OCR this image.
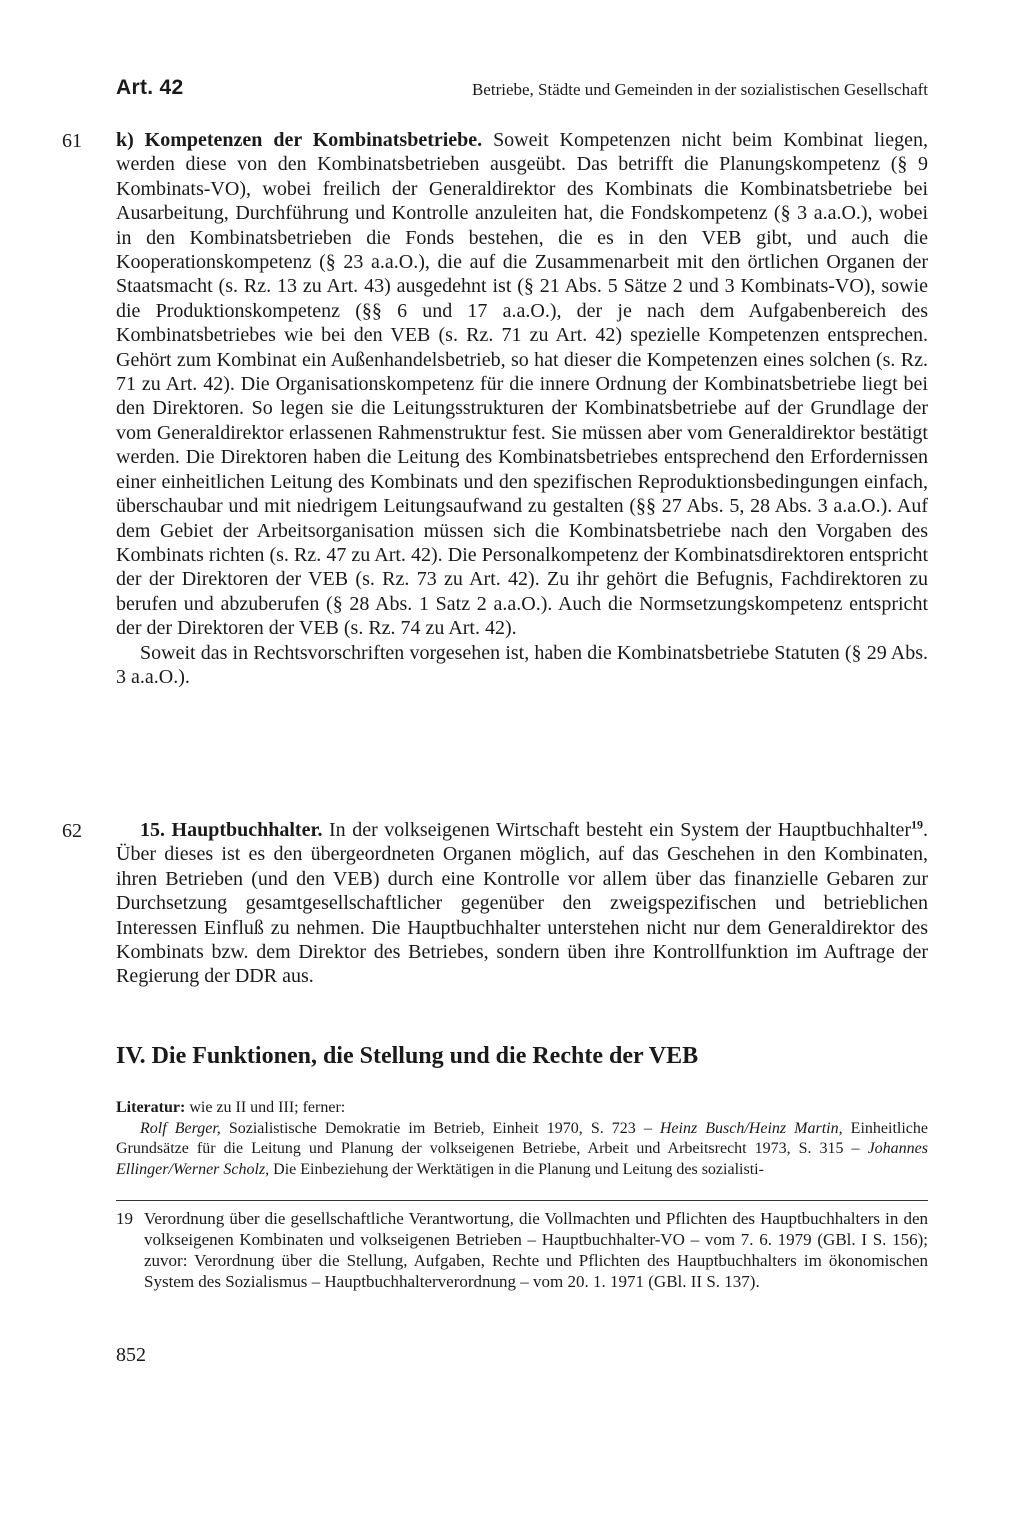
Art. 42	Betriebe, Städte und Gemeinden in der sozialistischen Gesellschaft
61 k) Kompetenzen der Kombinatsbetriebe. Soweit Kompetenzen nicht beim Kombinat liegen, werden diese von den Kombinatsbetrieben ausgeübt. Das betrifft die Planungskompetenz (§ 9 Kombinats-VO), wobei freilich der Generaldirektor des Kombinats die Kombinatsbetriebe bei Ausarbeitung, Durchführung und Kontrolle anzuleiten hat, die Fondskompetenz (§ 3 a.a.O.), wobei in den Kombinatsbetrieben die Fonds bestehen, die es in den VEB gibt, und auch die Kooperationskompetenz (§ 23 a.a.O.), die auf die Zusammenarbeit mit den örtlichen Organen der Staatsmacht (s. Rz. 13 zu Art. 43) ausgedehnt ist (§ 21 Abs. 5 Sätze 2 und 3 Kombinats-VO), sowie die Produktionskompetenz (§§ 6 und 17 a.a.O.), der je nach dem Aufgabenbereich des Kombinatsbetriebes wie bei den VEB (s. Rz. 71 zu Art. 42) spezielle Kompetenzen entsprechen. Gehört zum Kombinat ein Außenhandelsbetrieb, so hat dieser die Kompetenzen eines solchen (s. Rz. 71 zu Art. 42). Die Organisationskompetenz für die innere Ordnung der Kombinatsbetriebe liegt bei den Direktoren. So legen sie die Leitungsstrukturen der Kombinatsbetriebe auf der Grundlage der vom Generaldirektor erlassenen Rahmenstruktur fest. Sie müssen aber vom Generaldirektor bestätigt werden. Die Direktoren haben die Leitung des Kombinatsbetriebes entsprechend den Erfordernissen einer einheitlichen Leitung des Kombinats und den spezifischen Reproduktionsbedingungen einfach, überschaubar und mit niedrigem Leitungsaufwand zu gestalten (§§ 27 Abs. 5, 28 Abs. 3 a.a.O.). Auf dem Gebiet der Arbeitsorganisation müssen sich die Kombinatsbetriebe nach den Vorgaben des Kombinats richten (s. Rz. 47 zu Art. 42). Die Personalkompetenz der Kombinatsdirektoren entspricht der der Direktoren der VEB (s. Rz. 73 zu Art. 42). Zu ihr gehört die Befugnis, Fachdirektoren zu berufen und abzuberufen (§ 28 Abs. 1 Satz 2 a.a.O.). Auch die Normsetzungskompetenz entspricht der der Direktoren der VEB (s. Rz. 74 zu Art. 42).

Soweit das in Rechtsvorschriften vorgesehen ist, haben die Kombinatsbetriebe Statuten (§ 29 Abs. 3 a.a.O.).

62	15. Hauptbuchhalter. In der volkseigenen Wirtschaft besteht ein System der Hauptbuchhalter$^{19}$. Über dieses ist es den übergeordneten Organen möglich, auf das Geschehen in den Kombinaten, ihren Betrieben (und den VEB) durch eine Kontrolle vor allem über das finanzielle Gebaren zur Durchsetzung gesamtgesellschaftlicher gegenüber den zweigspezifischen und betrieblichen Interessen Einfluß zu nehmen. Die Hauptbuchhalter unterstehen nicht nur dem Generaldirektor des Kombinats bzw. dem Direktor des Betriebes, sondern üben ihre Kontrollfunktion im Auftrage der Regierung der DDR aus.

IV. Die Funktionen, die Stellung und die Rechte der VEB

Literatur: wie zu II und III; ferner:

Rolf Berger, Sozialistische Demokratie im Betrieb, Einheit 1970, S. 723 – Heinz Busch/Heinz Martin, Einheitliche Grundsätze für die Leitung und Planung der volkseigenen Betriebe, Arbeit und Arbeitsrecht 1973, S. 315 – Johannes Ellinger/Werner Scholz, Die Einbeziehung der Werktätigen in die Planung und Leitung des sozialisti-

19 Verordnung über die gesellschaftliche Verantwortung, die Vollmachten und Pflichten des Hauptbuchhalters in den volkseigenen Kombinaten und volkseigenen Betrieben – Hauptbuchhalter-VO – vom 7. 6. 1979 (GBl. I S. 156); zuvor: Verordnung über die Stellung, Aufgaben, Rechte und Pflichten des Hauptbuchhalters im ökonomischen System des Sozialismus – Hauptbuchhalterverordnung – vom 20. 1. 1971 (GBl. II S. 137).
852
